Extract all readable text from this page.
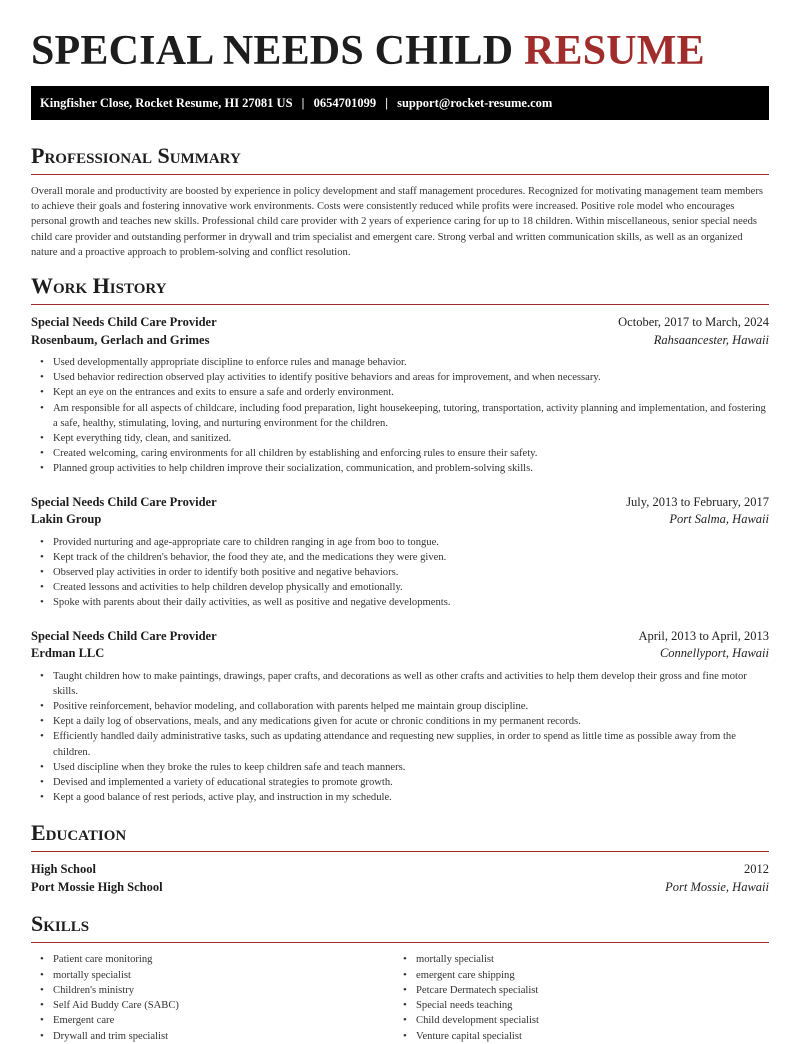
SPECIAL NEEDS CHILD RESUME
Kingfisher Close, Rocket Resume, HI 27081 US | 0654701099 | support@rocket-resume.com
Professional Summary

Overall morale and productivity are boosted by experience in policy development and staff management procedures. Recognized for motivating management team members to achieve their goals and fostering innovative work environments. Costs were consistently reduced while profits were increased. Positive role model who encourages personal growth and teaches new skills. Professional child care provider with 2 years of experience caring for up to 18 children. Within miscellaneous, senior special needs child care provider and outstanding performer in drywall and trim specialist and emergent care. Strong verbal and written communication skills, as well as an organized nature and a proactive approach to problem-solving and conflict resolution.

Work History
Special Needs Child Care Provider	October, 2017 to March, 2024
Rosenbaum, Gerlach and Grimes	Rahsaancester, Hawaii
• Used developmentally appropriate discipline to enforce rules and manage behavior.
• Used behavior redirection observed play activities to identify positive behaviors and areas for improvement, and when necessary.
• Kept an eye on the entrances and exits to ensure a safe and orderly environment.
• Am responsible for all aspects of childcare, including food preparation, light housekeeping, tutoring, transportation, activity planning and implementation, and fostering a safe, healthy, stimulating, loving, and nurturing environment for the children.
• Kept everything tidy, clean, and sanitized.
• Created welcoming, caring environments for all children by establishing and enforcing rules to ensure their safety.
• Planned group activities to help children improve their socialization, communication, and problem-solving skills.
Special Needs Child Care Provider	July, 2013 to February, 2017
Lakin Group	Port Salma, Hawaii
• Provided nurturing and age-appropriate care to children ranging in age from boo to tongue.
• Kept track of the children's behavior, the food they ate, and the medications they were given.
• Observed play activities in order to identify both positive and negative behaviors.
• Created lessons and activities to help children develop physically and emotionally.
• Spoke with parents about their daily activities, as well as positive and negative developments.
Special Needs Child Care Provider	April, 2013 to April, 2013
Erdman LLC	Connellyport, Hawaii
• Taught children how to make paintings, drawings, paper crafts, and decorations as well as other crafts and activities to help them develop their gross and fine motor skills.
• Positive reinforcement, behavior modeling, and collaboration with parents helped me maintain group discipline.
• Kept a daily log of observations, meals, and any medications given for acute or chronic conditions in my permanent records.
• Efficiently handled daily administrative tasks, such as updating attendance and requesting new supplies, in order to spend as little time as possible away from the children.
• Used discipline when they broke the rules to keep children safe and teach manners.
• Devised and implemented a variety of educational strategies to promote growth.
• Kept a good balance of rest periods, active play, and instruction in my schedule.
Education
High School	2012
Port Mossie High School	Port Mossie, Hawaii
Skills
• Patient care monitoring
• mortally specialist
• Children's ministry
• Self Aid Buddy Care (SABC)
• Emergent care
• Drywall and trim specialist
• mortally specialist
• emergent care shipping
• Petcare Dermatech specialist
• Special needs teaching
• Child development specialist
• Venture capital specialist
